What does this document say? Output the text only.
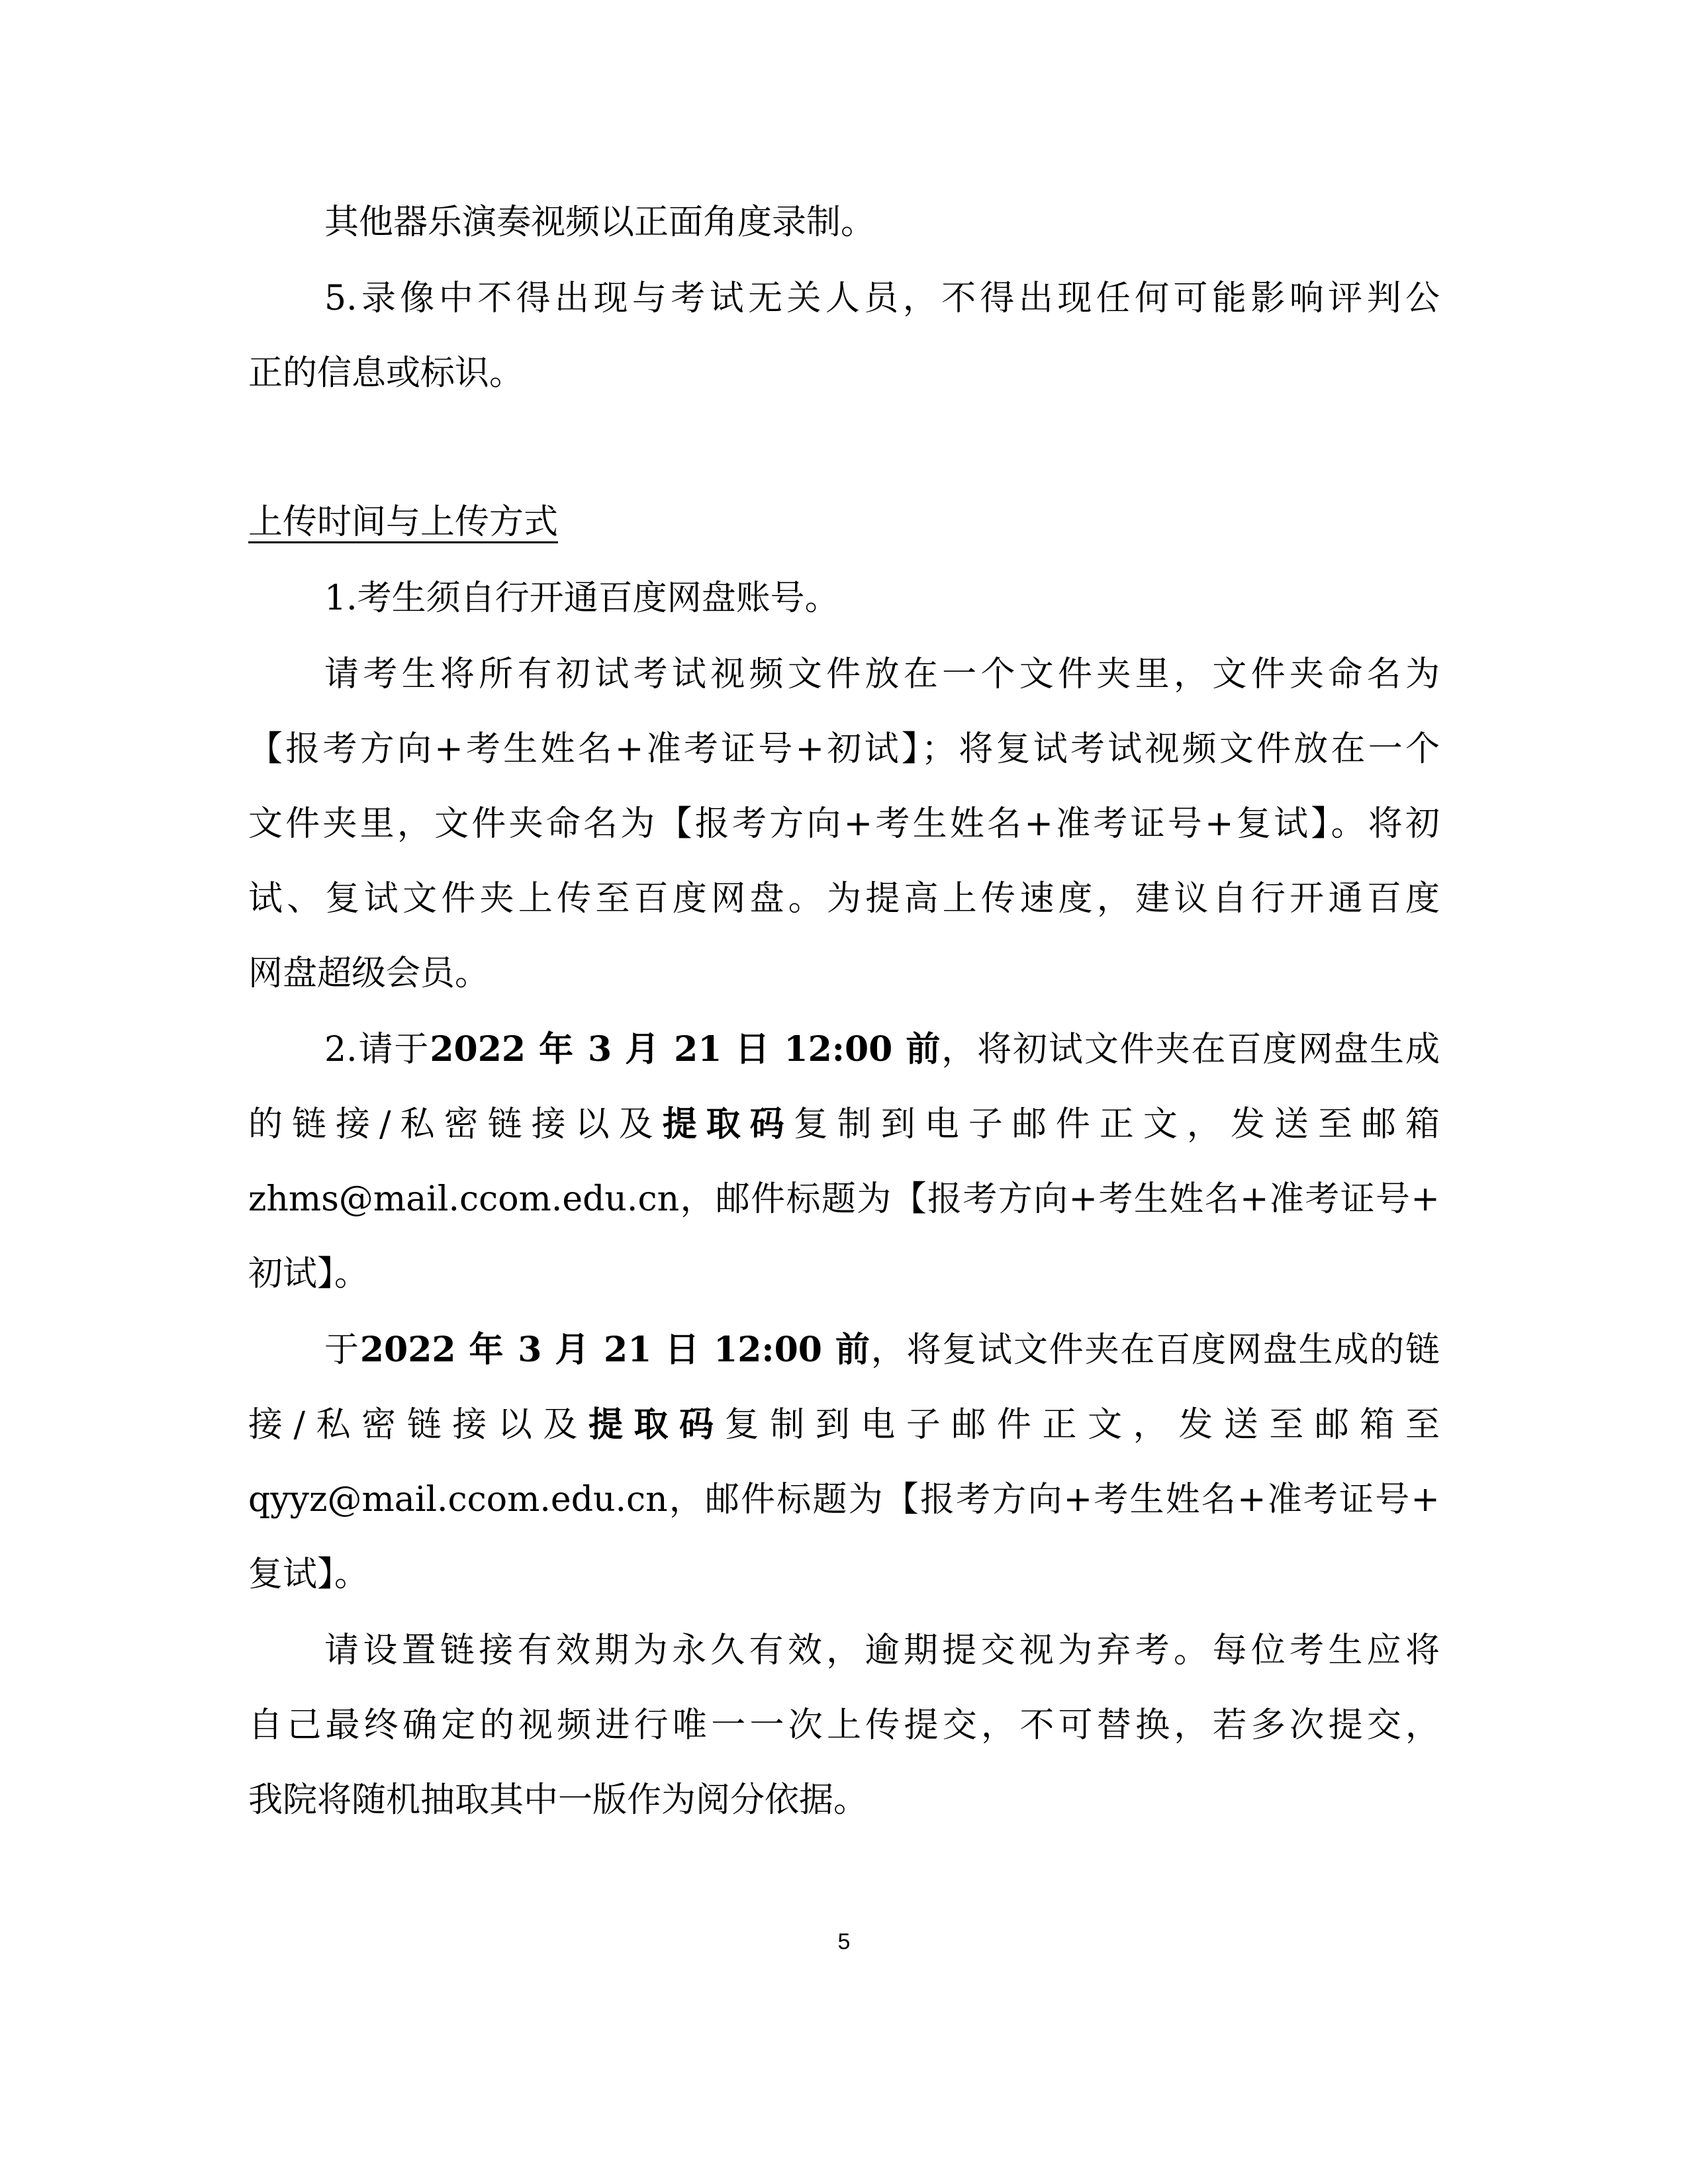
其他器乐演奏视频以正面角度录制。

5.录像中不得出现与考试无关人员，不得出现任何可能影响评判公

正的信息或标识。

上传时间与上传方式

1.考生须自行开通百度网盘账号。

请考生将所有初试考试视频文件放在一个文件夹里，文件夹命名为

【报考方向+考生姓名+准考证号+初试】；将复试考试视频文件放在一个

文件夹里，文件夹命名为【报考方向+考生姓名+准考证号+复试】。将初

试、复试文件夹上传至百度网盘。为提高上传速度，建议自行开通百度

网盘超级会员。

2.请于2022 年 3 月 21 日 12:00 前，将初试文件夹在百度网盘生成

的链接/私密链接以及提取码复制到电子邮件正文，发送至邮箱

zhms@mail.ccom.edu.cn，邮件标题为【报考方向+考生姓名+准考证号+

初试】。

于2022 年 3 月 21 日 12:00 前，将复试文件夹在百度网盘生成的链

接/私密链接以及提取码复制到电子邮件正文，发送至邮箱至

qyyz@mail.ccom.edu.cn，邮件标题为【报考方向+考生姓名+准考证号+

复试】。

请设置链接有效期为永久有效，逾期提交视为弃考。每位考生应将

自己最终确定的视频进行唯一一次上传提交，不可替换，若多次提交，

我院将随机抽取其中一版作为阅分依据。

5
